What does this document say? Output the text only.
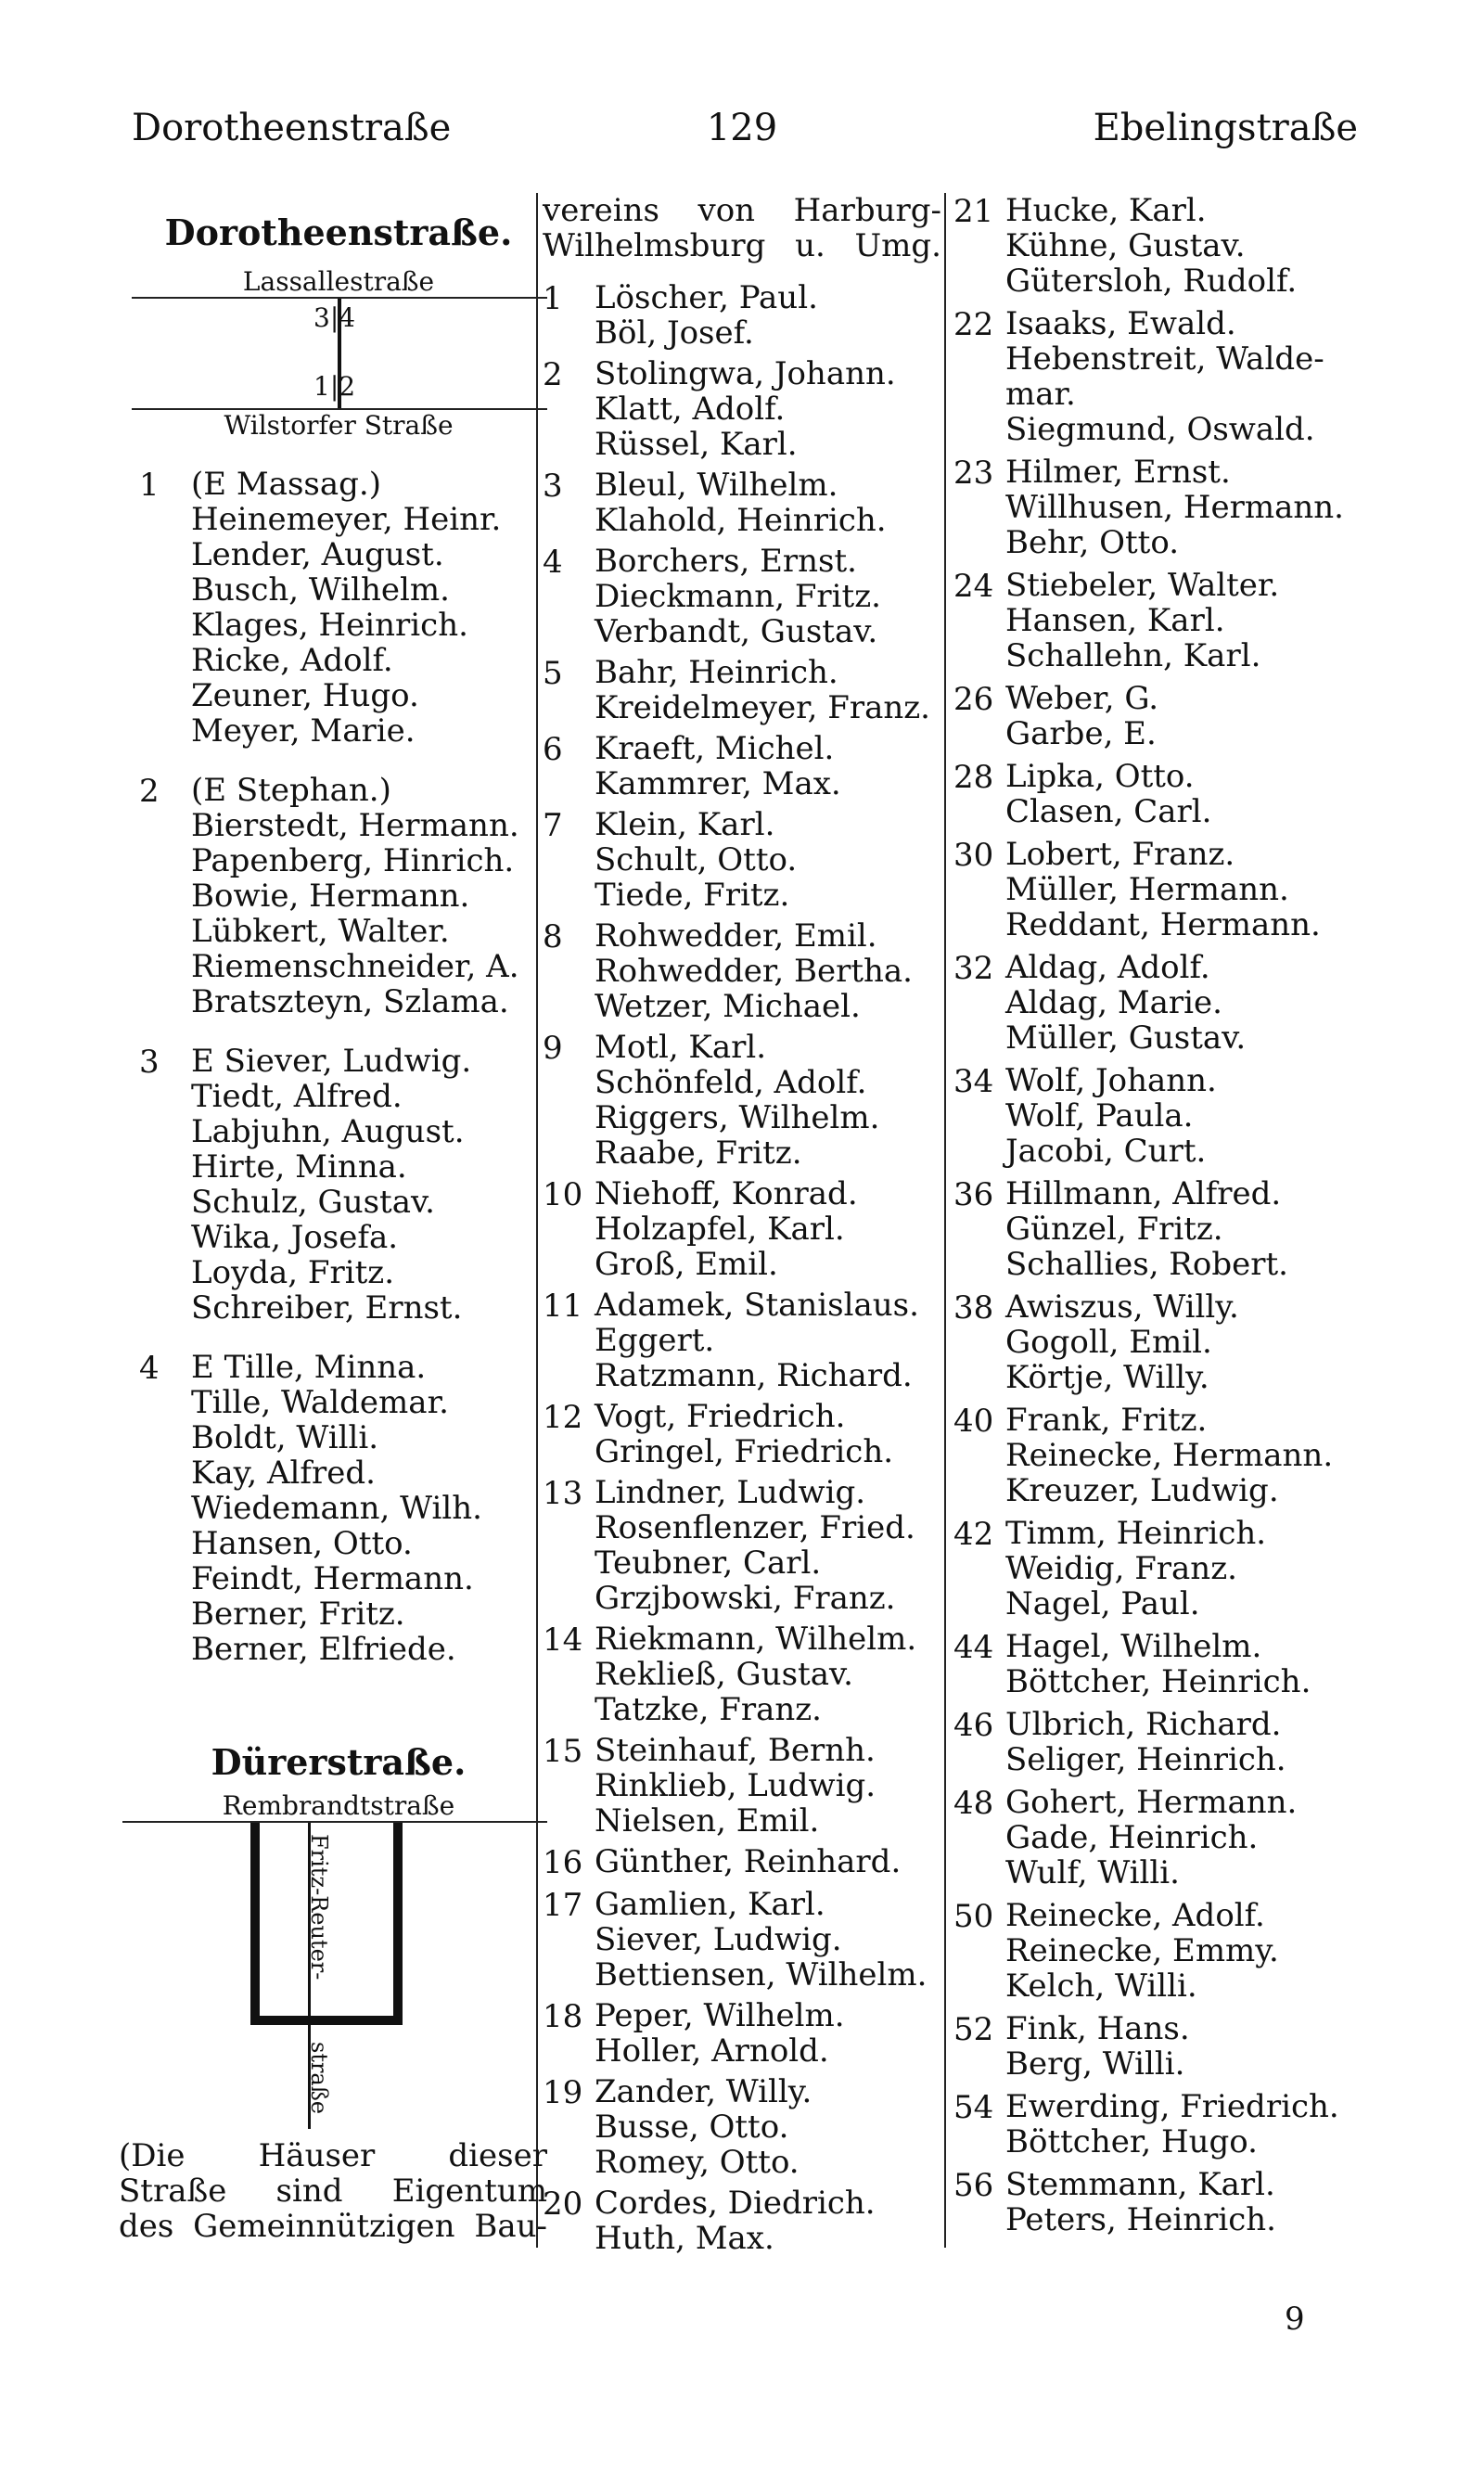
Dorotheenstraße	129	Ebelingstraße
Dorotheenstraße.
Lassallestraße
3|4
1|2
Wilstorfer Straße
1	(E Massag.)
Heinemeyer, Heinr.
Lender, August.
Busch, Wilhelm.
Klages, Heinrich.
Ricke, Adolf.
Zeuner, Hugo.
Meyer, Marie.
2	(E Stephan.)
Bierstedt, Hermann.
Papenberg, Hinrich.
Bowie, Hermann.
Lübkert, Walter.
Riemenschneider, A.
Bratszteyn, Szlama.
3	E Siever, Ludwig.
Tiedt, Alfred.
Labjuhn, August.
Hirte, Minna.
Schulz, Gustav.
Wika, Josefa.
Loyda, Fritz.
Schreiber, Ernst.
4	E Tille, Minna.
Tille, Waldemar.
Boldt, Willi.
Kay, Alfred.
Wiedemann, Wilh.
Hansen, Otto.
Feindt, Hermann.
Berner, Fritz.
Berner, Elfriede.
Dürerstraße.
Rembrandtstraße
Fritz-Reuter-
straße
(Die Häuser dieser
Straße sind Eigentum
des Gemeinnützigen Bau-
vereins von Harburg-
Wilhelmsburg u. Umg.
1	Löscher, Paul.
Böl, Josef.
2	Stolingwa, Johann.
Klatt, Adolf.
Rüssel, Karl.
3	Bleul, Wilhelm.
Klahold, Heinrich.
4	Borchers, Ernst.
Dieckmann, Fritz.
Verbandt, Gustav.
5	Bahr, Heinrich.
Kreidelmeyer, Franz.
6	Kraeft, Michel.
Kammrer, Max.
7	Klein, Karl.
Schult, Otto.
Tiede, Fritz.
8	Rohwedder, Emil.
Rohwedder, Bertha.
Wetzer, Michael.
9	Motl, Karl.
Schönfeld, Adolf.
Riggers, Wilhelm.
Raabe, Fritz.
10 Niehoff, Konrad.
Holzapfel, Karl.
Groß, Emil.
11 Adamek, Stanislaus.
Eggert.
Ratzmann, Richard.
12 Vogt, Friedrich.
Gringel, Friedrich.
13 Lindner, Ludwig.
Rosenflenzer, Fried.
Teubner, Carl.
Grzjbowski, Franz.
14 Riekmann, Wilhelm.
Rekließ, Gustav.
Tatzke, Franz.
15 Steinhauf, Bernh.
Rinklieb, Ludwig.
Nielsen, Emil.
16 Günther, Reinhard.
17 Gamlien, Karl.
Siever, Ludwig.
Bettiensen, Wilhelm.
18 Peper, Wilhelm.
Holler, Arnold.
19 Zander, Willy.
Busse, Otto.
Romey, Otto.
20 Cordes, Diedrich.
Huth, Max.
21 Hucke, Karl.
Kühne, Gustav.
Gütersloh, Rudolf.
22 Isaaks, Ewald.
Hebenstreit, Walde-
mar.
Siegmund, Oswald.
23 Hilmer, Ernst.
Willhusen, Hermann.
Behr, Otto.
24 Stiebeler, Walter.
Hansen, Karl.
Schallehn, Karl.
26 Weber, G.
Garbe, E.
28 Lipka, Otto.
Clasen, Carl.
30 Lobert, Franz.
Müller, Hermann.
Reddant, Hermann.
32 Aldag, Adolf.
Aldag, Marie.
Müller, Gustav.
34 Wolf, Johann.
Wolf, Paula.
Jacobi, Curt.
36 Hillmann, Alfred.
Günzel, Fritz.
Schallies, Robert.
38 Awiszus, Willy.
Gogoll, Emil.
Körtje, Willy.
40 Frank, Fritz.
Reinecke, Hermann.
Kreuzer, Ludwig.
42 Timm, Heinrich.
Weidig, Franz.
Nagel, Paul.
44 Hagel, Wilhelm.
Böttcher, Heinrich.
46 Ulbrich, Richard.
Seliger, Heinrich.
48 Gohert, Hermann.
Gade, Heinrich.
Wulf, Willi.
50 Reinecke, Adolf.
Reinecke, Emmy.
Kelch, Willi.
52 Fink, Hans.
Berg, Willi.
54 Ewerding, Friedrich.
Böttcher, Hugo.
56 Stemmann, Karl.
Peters, Heinrich.
9
